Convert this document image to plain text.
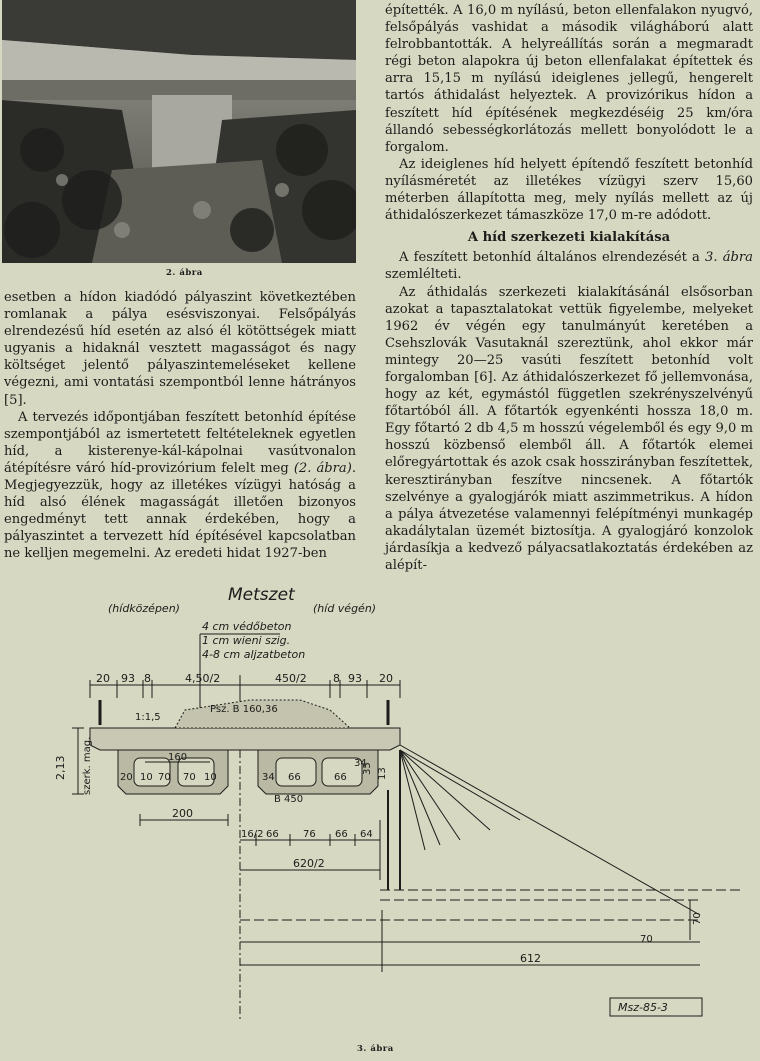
2. ábra

esetben a hídon kiadódó pályaszint következtében romlanak a pálya esésviszonyai. Felsőpályás elrendezésű híd esetén az alsó él kötöttségek miatt ugyanis a hidaknál vesztett magasságot és nagy költséget jelentő pályaszintemeléseket kellene végezni, ami vontatási szempontból lenne hátrányos [5].

A tervezés időpontjában feszített betonhíd építése szempontjából az ismertetett feltételeknek egyetlen híd, a kisterenye-kál-kápolnai vasútvonalon átépítésre váró híd-provizórium felelt meg (2. ábra). Megjegyezzük, hogy az illetékes vízügyi hatóság a híd alsó élének magasságát illetően bizonyos engedményt tett annak érdekében, hogy a pályaszintet a tervezett híd építésével kapcsolatban ne kelljen megemelni. Az eredeti hidat 1927-ben

építették. A 16,0 m nyílású, beton ellenfalakon nyugvó, felsőpályás vashidat a második világháború alatt felrobbantották. A helyreállítás során a megmaradt régi beton alapokra új beton ellenfalakat építettek és arra 15,15 m nyílású ideiglenes jellegű, hengerelt tartós áthidalást helyeztek. A provizórikus hídon a feszített híd építésének megkezdéséig 25 km/óra állandó sebességkorlátozás mellett bonyolódott le a forgalom.

Az ideiglenes híd helyett építendő feszített betonhíd nyílásméretét az illetékes vízügyi szerv 15,60 méterben állapította meg, mely nyílás mellett az új áthidalószerkezet támaszköze 17,0 m-re adódott.

A híd szerkezeti kialakítása

A feszített betonhíd általános elrendezését a 3. ábra szemlélteti.

Az áthidalás szerkezeti kialakításánál elsősorban azokat a tapasztalatokat vettük figyelembe, melyeket 1962 év végén egy tanulmányút keretében a Csehszlovák Vasutaknál szereztünk, ahol ekkor már mintegy 20—25 vasúti feszített betonhíd volt forgalomban [6]. Az áthidalószerkezet fő jellemvonása, hogy az két, egymástól független szekrényszelvényű főtartóból áll. A főtartók egyenkénti hossza 18,0 m. Egy főtartó 2 db 4,5 m hosszú végelemből és egy 9,0 m hosszú közbenső elemből áll. A főtartók elemei előregyártottak és azok csak hosszirányban feszítettek, keresztirányban feszítve nincsenek. A főtartók szelvénye a gyalogjárók miatt aszimmetrikus. A hídon a pálya átvezetése valamennyi felépítményi munkagép akadálytalan üzemét biztosítja. A gyalogjáró konzolok járdasíkja a kedvező pályacsatlakoztatás érdekében az alépít-

Metszet
(hídközépen)	(híd végén)
4 cm védőbeton
1 cm wieni szig.
4-8 cm aljzatbeton
20 93 8	4,50/2	450/2 8 93 20
Psz. B 160,36
1:1,5
2,13 szerk. mag.	160
20 10 70 70 10	34 66	66
34
B 450
35 13
200
16/2 66 76 66 64
620/2
612
70
70
Msz-85-3
3. ábra
